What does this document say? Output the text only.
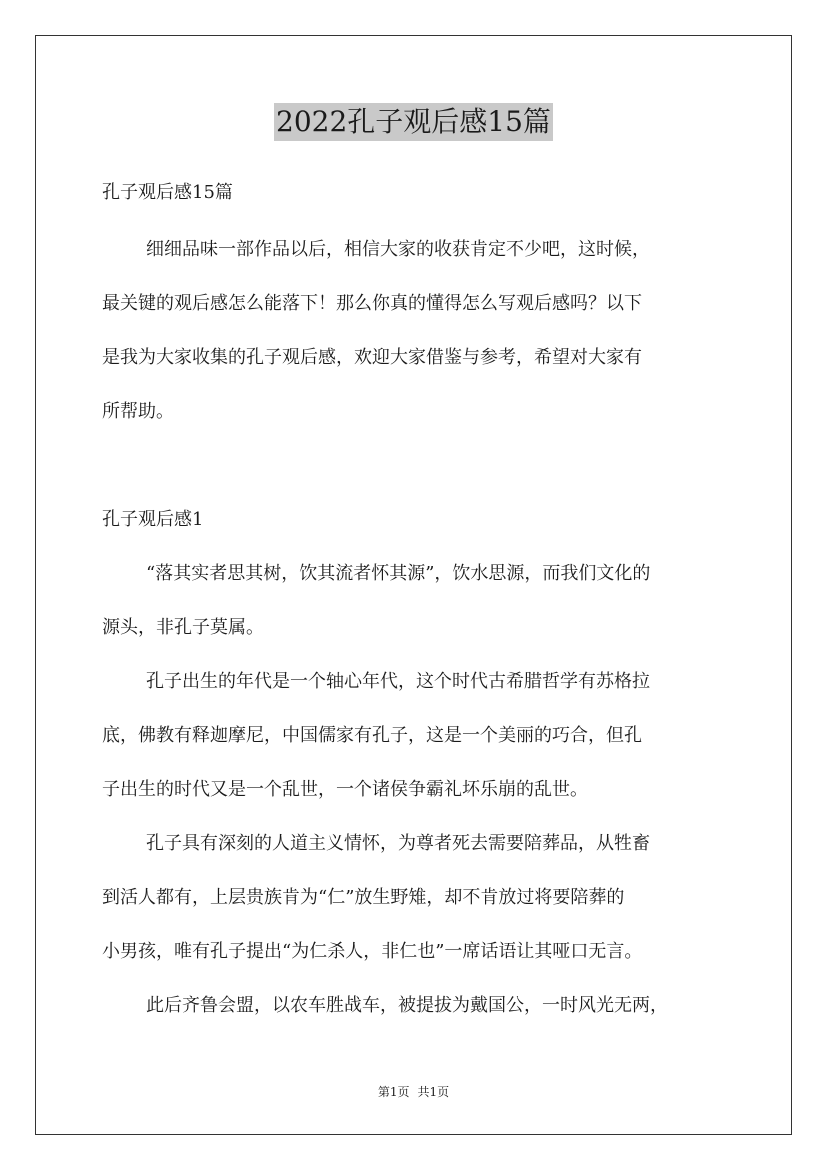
2022孔子观后感15篇
孔子观后感15篇
细细品味一部作品以后，相信大家的收获肯定不少吧，这时候，
最关键的观后感怎么能落下！那么你真的懂得怎么写观后感吗？以下
是我为大家收集的孔子观后感，欢迎大家借鉴与参考，希望对大家有
所帮助。
孔子观后感1
“落其实者思其树，饮其流者怀其源”，饮水思源，而我们文化的
源头，非孔子莫属。
孔子出生的年代是一个轴心年代，这个时代古希腊哲学有苏格拉
底，佛教有释迦摩尼，中国儒家有孔子，这是一个美丽的巧合，但孔
子出生的时代又是一个乱世，一个诸侯争霸礼坏乐崩的乱世。
孔子具有深刻的人道主义情怀，为尊者死去需要陪葬品，从牲畜
到活人都有，上层贵族肯为“仁”放生野雉，却不肯放过将要陪葬的
小男孩，唯有孔子提出“为仁杀人，非仁也”一席话语让其哑口无言。
此后齐鲁会盟，以农车胜战车，被提拔为戴国公，一时风光无两，
第1页 共1页
